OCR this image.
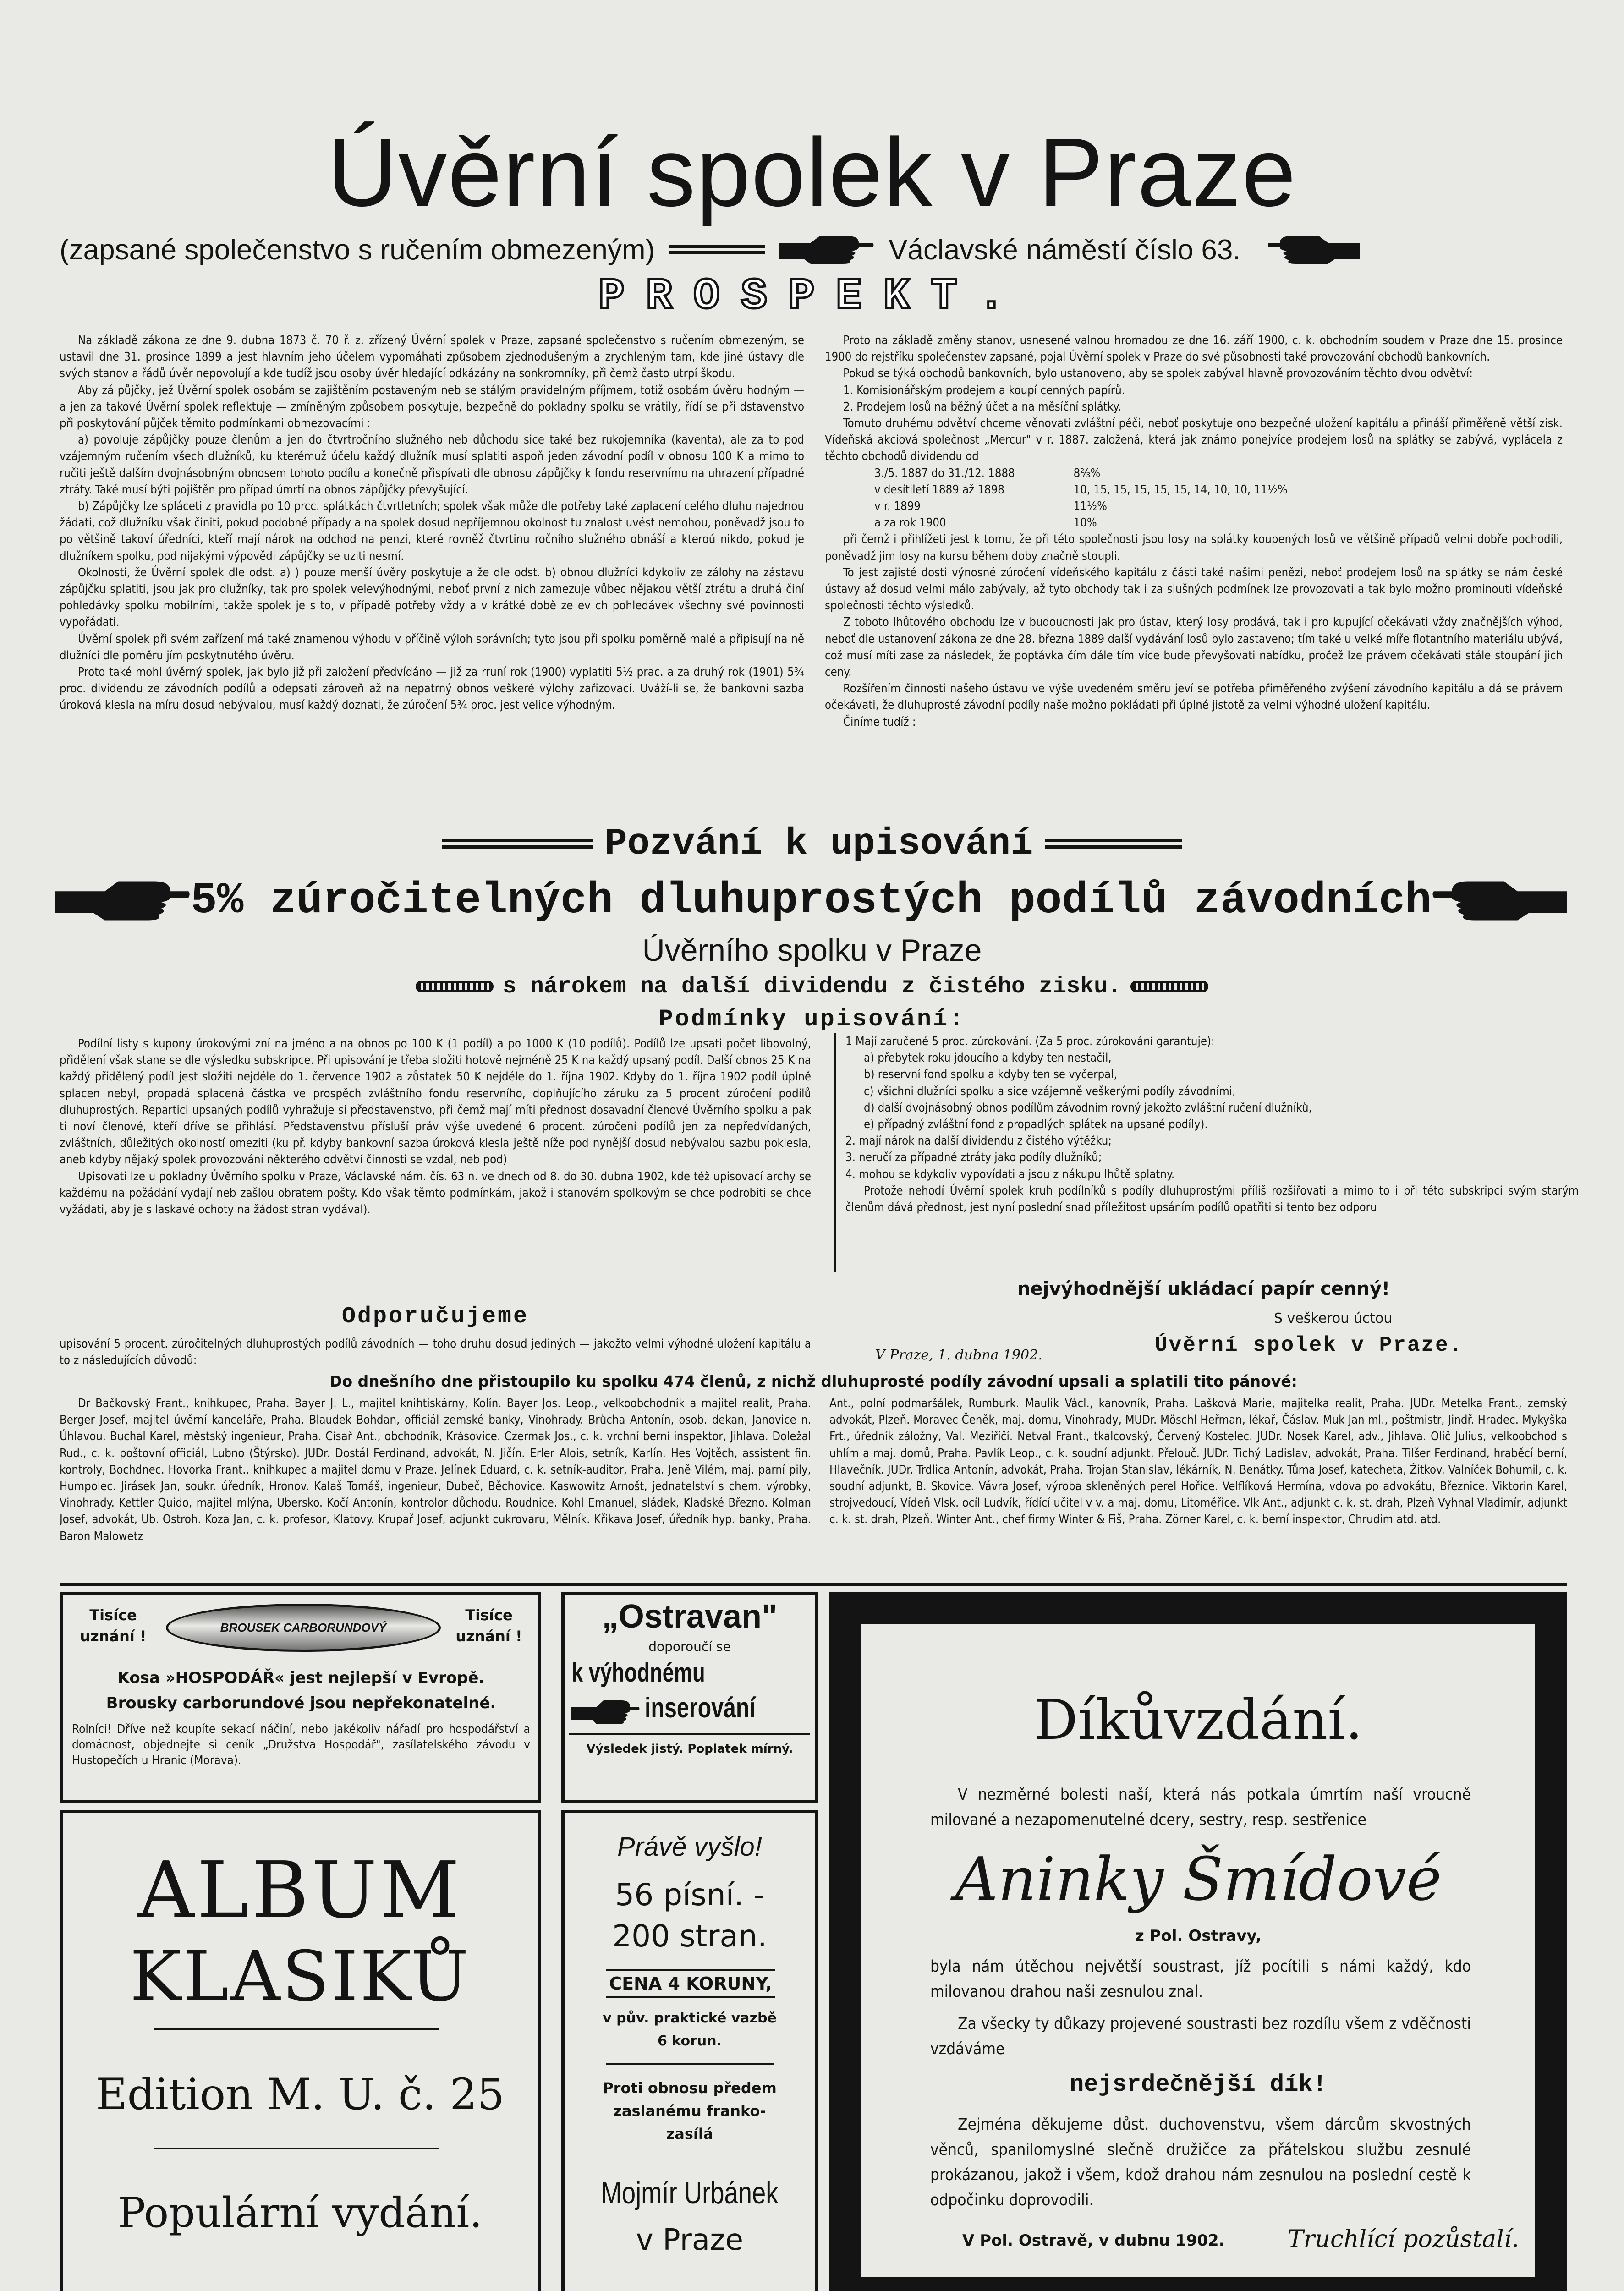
Úvěrní spolek v Praze
(zapsané společenstvo s ručením obmezeným)	Václavské náměstí číslo 63.
PROSPEKT.

Na základě zákona ze dne 9. dubna 1873 č. 70 ř. z. zřízený Úvěrní spolek v Praze, zapsané společenstvo s ručením obmezeným, se ustavil dne 31. prosince 1899 a jest hlavním jeho účelem vypomáhati způsobem zjednodušeným a zrychleným tam, kde jiné ústavy dle svých stanov a řádů úvěr nepovolují a kde tudíž jsou osoby úvěr hledající odkázány na sonkromníky, při čemž často utrpí škodu.

Aby zá půjčky, jež Úvěrní spolek osobám se zajištěním postaveným neb se stálým pravidelným příjmem, totiž osobám úvěru hodným — a jen za takové Úvěrní spolek reflektuje — zmíněným způsobem poskytuje, bezpečně do pokladny spolku se vrátily, řídí se při dstavenstvo při poskytování půjček těmito podmínkami obmezovacími :

a) povoluje zápůjčky pouze členům a jen do čtvrtročního služného neb důchodu sice také bez rukojemníka (kaventa), ale za to pod vzájemným ručením všech dlužníků, ku kterémuž účelu každý dlužník musí splatiti aspoň jeden závodní podíl v obnosu 100 K a mimo to ručiti ještě dalším dvojnásobným obnosem tohoto podílu a konečně přispívati dle obnosu zápůjčky k fondu reservnímu na uhrazení případné ztráty. Také musí býti pojištěn pro případ úmrtí na obnos zápůjčky převyšující.

b) Zápůjčky lze spláceti z pravidla po 10 prcc. splátkách čtvrtletních; spolek však může dle potřeby také zaplacení celého dluhu najednou žádati, což dlužníku však činiti, pokud podobné případy a na spolek dosud nepříjemnou okolnost tu znalost uvést nemohou, poněvadž jsou to po většině takoví úředníci, kteří mají nárok na odchod na penzi, které rovněž čtvrtinu ročního služného obnáší a kteroú nikdo, pokud je dlužníkem spolku, pod nijakými výpovědi zápůjčky se uziti nesmí.

Okolnosti, že Úvěrní spolek dle odst. a) ) pouze menší úvěry poskytuje a že dle odst. b) obnou dlužníci kdykoliv ze zálohy na zástavu zápůjčku splatiti, jsou jak pro dlužníky, tak pro spolek velevýhodnými, neboť první z nich zamezuje vůbec nějakou větší ztrátu a druhá činí pohledávky spolku mobilními, takže spolek je s to, v případě potřeby vždy a v krátké době ze ev ch pohledávek všechny své povinnosti vypořádati.

Úvěrní spolek při svém zařízení má také znamenou výhodu v příčině výloh správních; tyto jsou při spolku poměrně malé a připisují na ně dlužníci dle poměru jím poskytnutého úvěru.

Proto také mohl úvěrný spolek, jak bylo již při založení předvídáno — již za rruní rok (1900) vyplatiti 5½ prac. a za druhý rok (1901) 5¾ proc. dividendu ze závodních podílů a odepsati zároveň až na nepatrný obnos veškeré výlohy zařizovací. Uváží-li se, že bankovní sazba úroková klesla na míru dosud nebývalou, musí každý doznati, že zúročení 5¾ proc. jest velice výhodným.

Proto na základě změny stanov, usnesené valnou hromadou ze dne 16. září 1900, c. k. obchodním soudem v Praze dne 15. prosince 1900 do rejstříku společenstev zapsané, pojal Úvěrní spolek v Praze do své působnosti také provozování obchodů bankovních.

Pokud se týká obchodů bankovních, bylo ustanoveno, aby se spolek zabýval hlavně provozováním těchto dvou odvětví:

1. Komisionářským prodejem a koupí cenných papírů.

2. Prodejem losů na běžný účet a na měsíční splátky.

Tomuto druhému odvětví chceme věnovati zvláštní péči, neboť poskytuje ono bezpečné uložení kapitálu a přináší přiměřeně větší zisk. Vídeňská akciová společnost „Mercur" v r. 1887. založená, která jak známo ponejvíce prodejem losů na splátky se zabývá, vyplácela z těchto obchodů dividendu od

3./5. 1887 do 31./12. 1888	8⅔%
v desítiletí 1889 až 1898	10, 15, 15, 15, 15, 15, 14, 10, 10, 11½%
v r. 1899	11½%
a za rok 1900	10%

při čemž i přihlížeti jest k tomu, že při této společnosti jsou losy na splátky koupených losů ve většině případů velmi dobře pochodili, poněvadž jim losy na kursu během doby značně stoupli.

To jest zajisté dosti výnosné zúročení vídeňského kapitálu z části také našimi penězi, neboť prodejem losů na splátky se nám české ústavy až dosud velmi málo zabývaly, až tyto obchody tak i za slušných podmínek lze provozovati a tak bylo možno prominouti vídeňské společnosti těchto výsledků.

Z toboto lhůtového obchodu lze v budoucnosti jak pro ústav, který losy prodává, tak i pro kupující očekávati vždy značnějších výhod, neboť dle ustanovení zákona ze dne 28. března 1889 další vydávání losů bylo zastaveno; tím také u velké míře flotantního materiálu ubývá, což musí míti zase za následek, že poptávka čím dále tím více bude převyšovati nabídku, pročež lze právem očekávati stále stoupání jich ceny.

Rozšířením činnosti našeho ústavu ve výše uvedeném směru jeví se potřeba přiměřeného zvýšení závodního kapitálu a dá se právem očekávati, že dluhuprosté závodní podíly naše možno pokládati při úplné jistotě za velmi výhodné uložení kapitálu.

Činíme tudíž :

Pozvání k upisování
5% zúročitelných dluhuprostých podílů závodních
Úvěrního spolku v Praze
s nárokem na další dividendu z čistého zisku.
Podmínky upisování:

Podílní listy s kupony úrokovými zní na jméno a na obnos po 100 K (1 podíl) a po 1000 K (10 podílů). Podílů lze upsati počet libovolný, přidělení však stane se dle výsledku subskripce. Při upisování je třeba složiti hotově nejméně 25 K na každý upsaný podíl. Další obnos 25 K na každý přidělený podíl jest složiti nejdéle do 1. července 1902 a zůstatek 50 K nejdéle do 1. října 1902. Kdyby do 1. října 1902 podíl úplně splacen nebyl, propadá splacená částka ve prospěch zvláštního fondu reservního, doplňujícího záruku za 5 procent zúročení podílů dluhuprostých. Repartici upsaných podílů vyhražuje si představenstvo, při čemž mají míti přednost dosavadní členové Úvěrního spolku a pak ti noví členové, kteří dříve se přihlásí. Představenstvu přísluší práv výše uvedené 6 procent. zúročení podílů jen za nepředvídaných, zvláštních, důležitých okolností omeziti (ku př. kdyby bankovní sazba úroková klesla ještě níže pod nynější dosud nebývalou sazbu poklesla, aneb kdyby nějaký spolek provozování některého odvětví činnosti se vzdal, neb pod)

Upisovati lze u pokladny Úvěrního spolku v Praze, Václavské nám. čís. 63 n. ve dnech od 8. do 30. dubna 1902, kde též upisovací archy se každému na požádání vydají neb zašlou obratem pošty. Kdo však těmto podmínkám, jakož i stanovám spolkovým se chce podrobiti se chce vyžádati, aby je s laskavé ochoty na žádost stran vydával).

Odporučujeme

upisování 5 procent. zúročitelných dluhuprostých podílů závodních — toho druhu dosud jediných — jakožto velmi výhodné uložení kapitálu a to z následujících důvodů:

1 Mají zaručené 5 proc. zúrokování. (Za 5 proc. zúrokování garantuje):

a) přebytek roku jdoucího a kdyby ten nestačil,

b) reservní fond spolku a kdyby ten se vyčerpal,

c) všichni dlužníci spolku a sice vzájemně veškerými podíly závodními,

d) další dvojnásobný obnos podílům závodním rovný jakožto zvláštní ručení dlužníků,

e) případný zvláštní fond z propadlých splátek na upsané podíly).

2. mají nárok na další dividendu z čistého výtěžku;

3. neručí za případné ztráty jako podíly dlužníků;

4. mohou se kdykoliv vypovídati a jsou z nákupu lhůtě splatny.

Protože nehodí Úvěrní spolek kruh podílníků s podíly dluhuprostými příliš rozšiřovati a mimo to i při této subskripci svým starým členům dává přednost, jest nyní poslední snad příležitost upsáním podílů opatřiti si tento bez odporu

nejvýhodnější ukládací papír cenný!
S veškerou úctou
Úvěrní spolek v Praze.
V Praze, 1. dubna 1902.
Do dnešního dne přistoupilo ku spolku 474 členů, z nichž dluhuprosté podíly závodní upsali a splatili tito pánové:

Dr Bačkovský Frant., knihkupec, Praha. Bayer J. L., majitel knihtiskárny, Kolín. Bayer Jos. Leop., velkoobchodník a majitel realit, Praha. Berger Josef, majitel úvěrní kanceláře, Praha. Blaudek Bohdan, officiál zemské banky, Vinohrady. Brůcha Antonín, osob. dekan, Janovice n. Úhlavou. Buchal Karel, městský ingenieur, Praha. Císař Ant., obchodník, Krásovice. Czermak Jos., c. k. vrchní berní inspektor, Jihlava. Doležal Rud., c. k. poštovní officiál, Lubno (Štýrsko). JUDr. Dostál Ferdinand, advokát, N. Jičín. Erler Alois, setník, Karlín. Hes Vojtěch, assistent fin. kontroly, Bochdnec. Hovorka Frant., knihkupec a majitel domu v Praze. Jelínek Eduard, c. k. setník-auditor, Praha. Jeně Vilém, maj. parní pily, Humpolec. Jirásek Jan, soukr. úředník, Hronov. Kalaš Tomáš, ingenieur, Dubeč, Běchovice. Kaswowitz Arnošt, jednatelství s chem. výrobky, Vinohrady. Kettler Quido, majitel mlýna, Ubersko. Kočí Antonín, kontrolor důchodu, Roudnice. Kohl Emanuel, sládek, Kladské Březno. Kolman Josef, advokát, Ub. Ostroh. Koza Jan, c. k. profesor, Klatovy. Krupař Josef, adjunkt cukrovaru, Mělník. Křikava Josef, úředník hyp. banky, Praha. Baron Malowetz

Ant., polní podmaršálek, Rumburk. Maulik Václ., kanovník, Praha. Lašková Marie, majitelka realit, Praha. JUDr. Metelka Frant., zemský advokát, Plzeň. Moravec Čeněk, maj. domu, Vinohrady, MUDr. Möschl Heřman, lékař, Čáslav. Muk Jan ml., poštmistr, Jindř. Hradec. Mykyška Frt., úředník záložny, Val. Meziříčí. Netval Frant., tkalcovský, Červený Kostelec. JUDr. Nosek Karel, adv., Jihlava. Olič Julius, velkoobchod s uhlím a maj. domů, Praha. Pavlík Leop., c. k. soudní adjunkt, Přelouč. JUDr. Tichý Ladislav, advokát, Praha. Tilšer Ferdinand, hraběcí berní, Hlavečník. JUDr. Trdlica Antonín, advokát, Praha. Trojan Stanislav, lékárník, N. Benátky. Tůma Josef, katecheta, Žitkov. Valníček Bohumil, c. k. soudní adjunkt, B. Skovice. Vávra Josef, výroba skleněných perel Hořice. Velflíková Hermína, vdova po advokátu, Březnice. Viktorin Karel, strojvedoucí, Vídeň Vlsk. ocíl Ludvík, řídící učitel v v. a maj. domu, Litoměřice. Vlk Ant., adjunkt c. k. st. drah, Plzeň Vyhnal Vladimír, adjunkt c. k. st. drah, Plzeň. Winter Ant., chef firmy Winter & Fiš, Praha. Zörner Karel, c. k. berní inspektor, Chrudim atd. atd.

Tisíce uznání !
Tisíce uznání !
BROUSEK CARBORUNDOVÝ
Kosa »HOSPODÁŘ« jest nejlepší v Evropě.
Brousky carborundové jsou nepřekonatelné.
Rolníci! Dříve než koupíte sekací náčiní, nebo jakékoliv nářadí pro hospodářství a domácnost, objednejte si ceník „Družstva Hospodář", zasílatelského závodu v Hustopečích u Hranic (Morava).
„Ostravan"
doporoučí se
k výhodnému
inserování
Výsledek jistý. Poplatek mírný.
ALBUM
KLASIKŮ
Edition M. U. č. 25
Populární vydání.
Právě vyšlo!
56 písní. -
200 stran.
CENA 4 KORUNY,
v pův. praktické vazbě
6 korun.
Proti obnosu předem zaslanému franko-zasílá
Mojmír Urbánek
v Praze
Díkůvzdání.
V nezměrné bolesti naší, která nás potkala úmrtím naší vroucně milované a nezapomenutelné dcery, sestry, resp. sestřenice
Aninky Šmídové
z Pol. Ostravy,
byla nám útěchou největší soustrast, jíž pocítili s námi každý, kdo milovanou drahou naši zesnulou znal.
Za všecky ty důkazy projevené soustrasti bez rozdílu všem z vděčnosti vzdáváme
nejsrdečnější dík!
Zejména děkujeme důst. duchovenstvu, všem dárcům skvostných věnců, spanilomyslné slečně družičce za přátelskou službu zesnulé prokázanou, jakož i všem, kdož drahou nám zesnulou na poslední cestě k odpočinku doprovodili.
V Pol. Ostravě, v dubnu 1902.	Truchlící pozůstalí.
